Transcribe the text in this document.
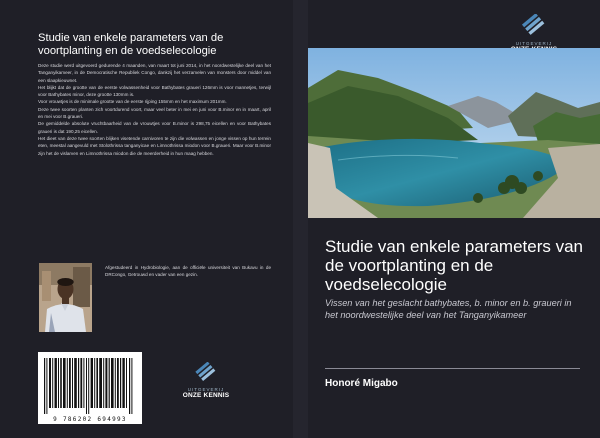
Studie van enkele parameters van de voortplanting en de voedselecologie

Deze studie werd uitgevoerd gedurende 4 maanden, van maart tot juni 2014, in het noordwestelijke deel van het Tanganyikameer, in de Democratische Republiek Congo, dankzij het verzamelen van monsters door middel van een slaapkieuwnet.

Het blijkt dat de grootte van de eerste volwassenheid voor Bathybates graueri 126mm is voor mannetjes, terwijl voor Bathybates minor, deze grootte 130mm is.

Voor vrouwtjes is de minimale grootte van de eerste rijping 155mm en het maximum 201mm.

Deze twee soorten planten zich voortdurend voort, maar veel beter in mei en juni voor B.minor en in maart, april en mei voor B.graueri.

De gemiddelde absolute vruchtbaarheid van de vrouwtjes voor B.minor is 298,75 eicellen en voor Bathybates graueri is dat 190,25 eicellen.

Het dieet van deze twee soorten blijken visetende carnivoren te zijn die volwassen en jonge vissen op hun terrein eten, meestal aangevuld met Stolothrissa tanganyicae en Limnothrissa miodon voor B.graueri. Maar voor B.minor zijn het de vislarven en Limnothrissa miodon die de meerderheid in hun maag hebben.

Afgestudeerd in Hydrobiologie, aan de officiële universiteit van Bukavu in de DRCongo, Getrouwd en vader van een gezin.

9 786202 694993
UITGEVERIJ
ONZE KENNIS
UITGEVERIJ
Studie van enkele parameters van de voortplanting en de voedselecologie

Vissen van het geslacht bathybates, b. minor en b. graueri in het noordwestelijke deel van het Tanganyikameer

Honoré Migabo
